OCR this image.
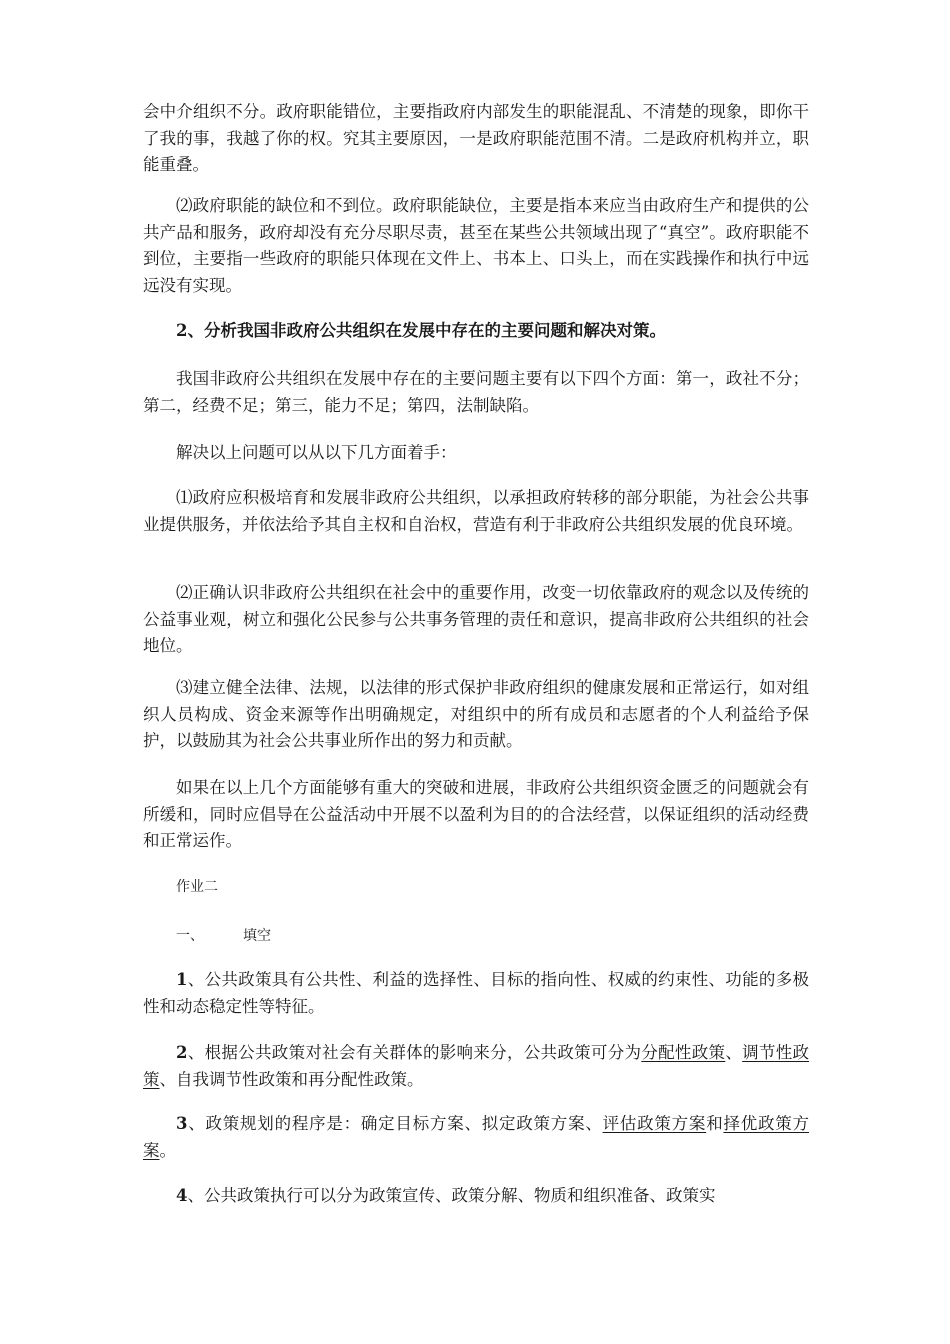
会中介组织不分。政府职能错位，主要指政府内部发生的职能混乱、不清楚的现象，即你干了我的事，我越了你的权。究其主要原因，一是政府职能范围不清。二是政府机构并立，职能重叠。

⑵政府职能的缺位和不到位。政府职能缺位，主要是指本来应当由政府生产和提供的公共产品和服务，政府却没有充分尽职尽责，甚至在某些公共领域出现了“真空”。政府职能不到位，主要指一些政府的职能只体现在文件上、书本上、口头上，而在实践操作和执行中远远没有实现。

2、分析我国非政府公共组织在发展中存在的主要问题和解决对策。

我国非政府公共组织在发展中存在的主要问题主要有以下四个方面：第一，政社不分；第二，经费不足；第三，能力不足；第四，法制缺陷。

解决以上问题可以从以下几方面着手：

⑴政府应积极培育和发展非政府公共组织，以承担政府转移的部分职能，为社会公共事业提供服务，并依法给予其自主权和自治权，营造有利于非政府公共组织发展的优良环境。

⑵正确认识非政府公共组织在社会中的重要作用，改变一切依靠政府的观念以及传统的公益事业观，树立和强化公民参与公共事务管理的责任和意识，提高非政府公共组织的社会地位。

⑶建立健全法律、法规，以法律的形式保护非政府组织的健康发展和正常运行，如对组织人员构成、资金来源等作出明确规定，对组织中的所有成员和志愿者的个人利益给予保护，以鼓励其为社会公共事业所作出的努力和贡献。

如果在以上几个方面能够有重大的突破和进展，非政府公共组织资金匮乏的问题就会有所缓和，同时应倡导在公益活动中开展不以盈利为目的的合法经营，以保证组织的活动经费和正常运作。

作业二
一、	填空

1、公共政策具有公共性、利益的选择性、目标的指向性、权威的约束性、功能的多极性和动态稳定性等特征。

2、根据公共政策对社会有关群体的影响来分，公共政策可分为分配性政策、调节性政策、自我调节性政策和再分配性政策。

3、政策规划的程序是：确定目标方案、拟定政策方案、评估政策方案和择优政策方案。

4、公共政策执行可以分为政策宣传、政策分解、物质和组织准备、政策实
